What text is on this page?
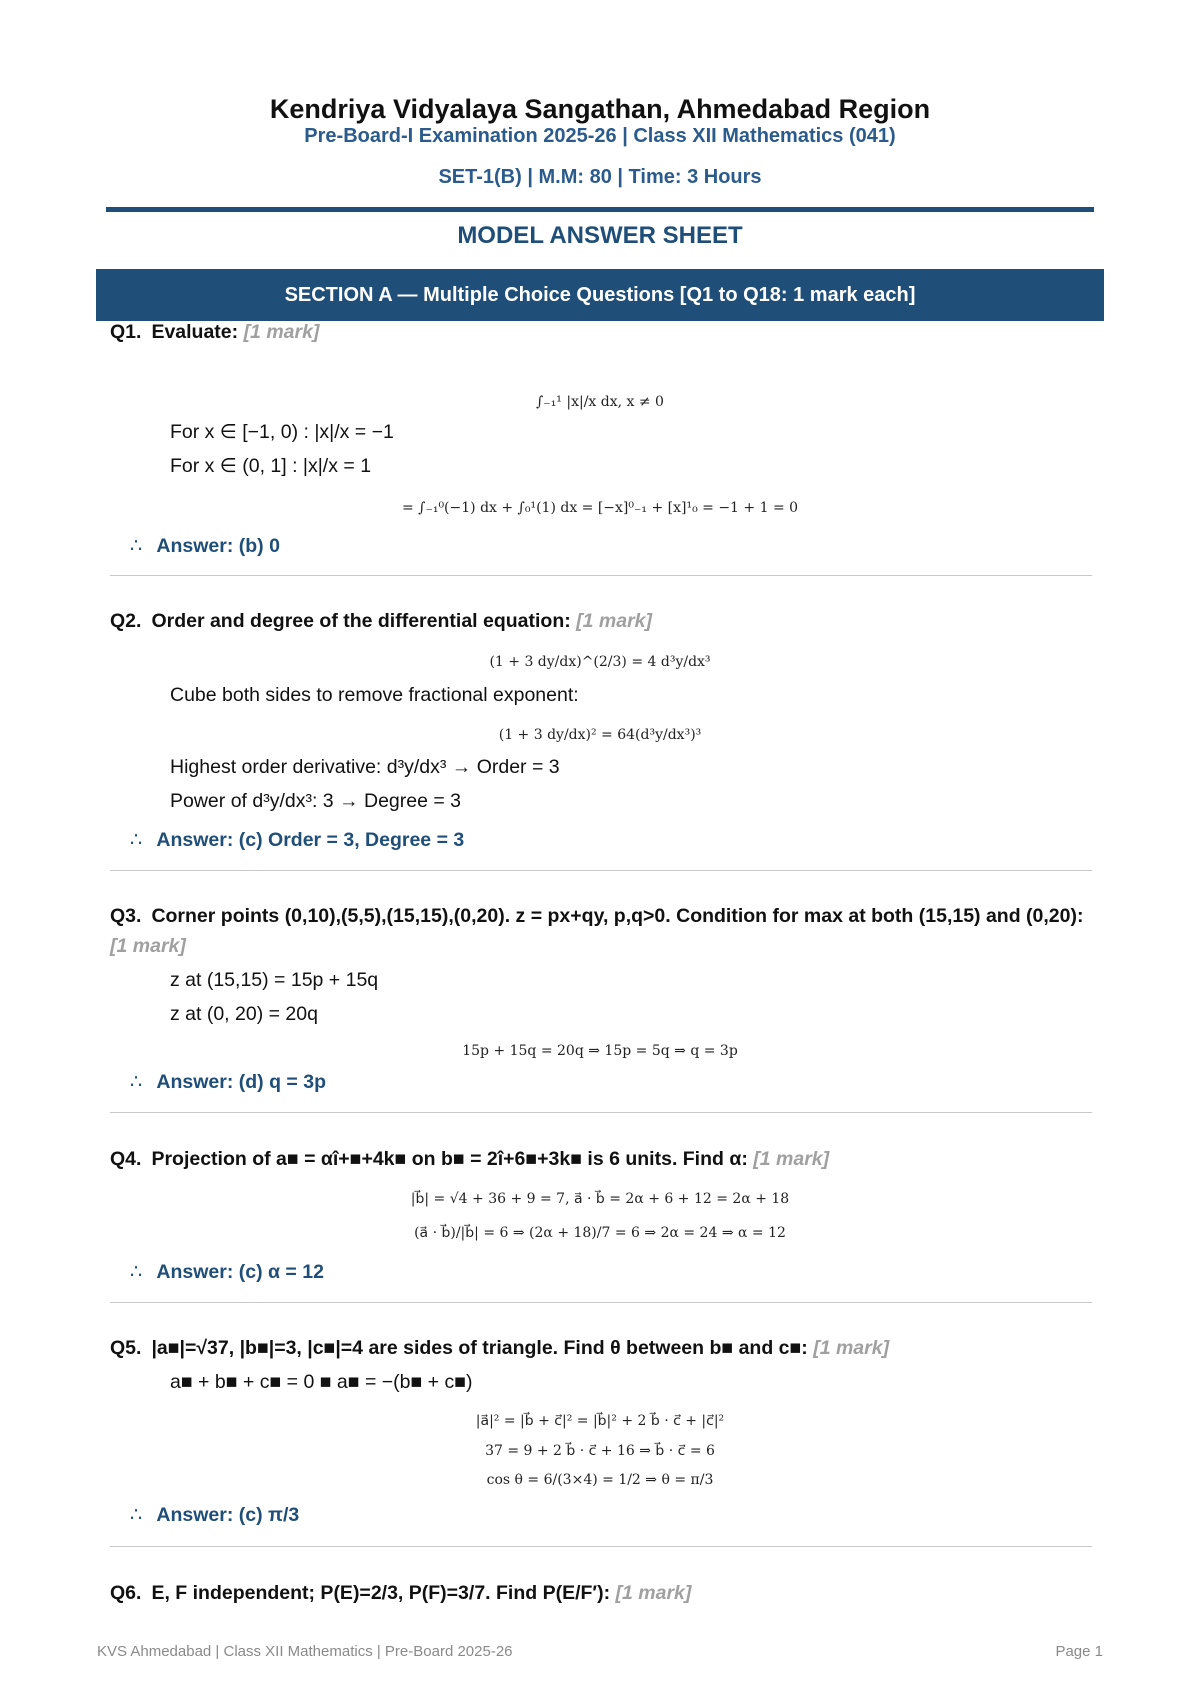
Kendriya Vidyalaya Sangathan, Ahmedabad Region
Pre-Board-I Examination 2025-26 | Class XII Mathematics (041)
SET-1(B) | M.M: 80 | Time: 3 Hours
MODEL ANSWER SHEET
SECTION A — Multiple Choice Questions [Q1 to Q18: 1 mark each]
Q1. Evaluate: [1 mark]
∫₋₁¹ |x|/x dx, x ≠ 0
For x ∈ [−1, 0) : |x|/x = −1
For x ∈ (0, 1] : |x|/x = 1
= ∫₋₁⁰(−1) dx + ∫₀¹(1) dx = [−x]⁰₋₁ + [x]¹₀ = −1 + 1 = 0
∴ Answer: (b) 0
Q2. Order and degree of the differential equation: [1 mark]
(1 + 3 dy/dx)^(2/3) = 4 d³y/dx³
Cube both sides to remove fractional exponent:
(1 + 3 dy/dx)² = 64(d³y/dx³)³
Highest order derivative: d³y/dx³ → Order = 3
Power of d³y/dx³: 3 → Degree = 3
∴ Answer: (c) Order = 3, Degree = 3
Q3. Corner points (0,10),(5,5),(15,15),(0,20). z = px+qy, p,q>0. Condition for max at both (15,15) and (0,20): [1 mark]
z at (15,15) = 15p + 15q
z at (0, 20) = 20q
15p + 15q = 20q ⇒ 15p = 5q ⇒ q = 3p
∴ Answer: (d) q = 3p
Q4. Projection of a■ = αî+■+4k■ on b■ = 2î+6■+3k■ is 6 units. Find α: [1 mark]
|b⃗| = √4 + 36 + 9 = 7, a⃗ · b⃗ = 2α + 6 + 12 = 2α + 18
(a⃗ · b⃗)/|b⃗| = 6 ⇒ (2α + 18)/7 = 6 ⇒ 2α = 24 ⇒ α = 12
∴ Answer: (c) α = 12
Q5. |a■|=√37, |b■|=3, |c■|=4 are sides of triangle. Find θ between b■ and c■: [1 mark]
a■ + b■ + c■ = 0 ■ a■ = −(b■ + c■)
|a⃗|² = |b⃗ + c⃗|² = |b⃗|² + 2 b⃗ · c⃗ + |c⃗|²
37 = 9 + 2 b⃗ · c⃗ + 16 ⇒ b⃗ · c⃗ = 6
cos θ = 6/(3×4) = 1/2 ⇒ θ = π/3
∴ Answer: (c) π/3
Q6. E, F independent; P(E)=2/3, P(F)=3/7. Find P(E/F′): [1 mark]
KVS Ahmedabad | Class XII Mathematics | Pre-Board 2025-26	Page 1
